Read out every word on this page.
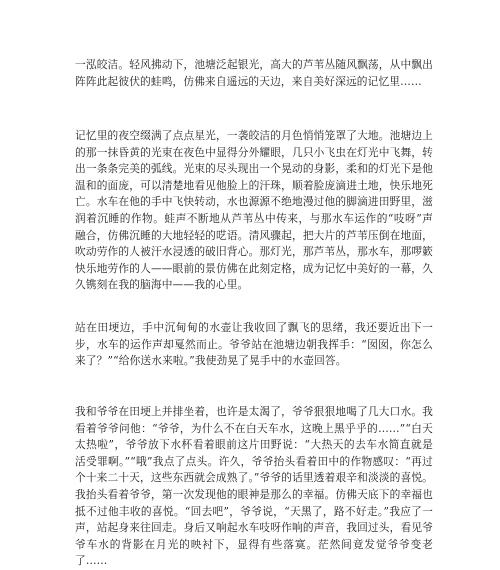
一泓皎洁。轻风拂动下，池塘泛起银光，高大的芦苇丛随风飘荡，从中飘出阵阵此起彼伏的蛙鸣，仿佛来自遥远的天边，来自美好深远的记忆里……

记忆里的夜空缀满了点点星光，一袭皎洁的月色悄悄笼罩了大地。池塘边上的那一抹昏黄的光束在夜色中显得分外耀眼，几只小飞虫在灯光中飞舞，转出一条条完美的弧线。光束的尽头现出一个晃动的身影，柔和的灯光下是他温和的面庞，可以清楚地看见他脸上的汗珠，顺着脸庞滴进土地，快乐地死亡。水车在他的手中飞快转动，水也源源不绝地漫过他的脚滴进田野里，滋润着沉睡的作物。蛙声不断地从芦苇丛中传来，与那水车运作的“吱呀”声融合，仿佛沉睡的大地轻轻的呓语。清风骤起，把大片的芦苇压倒在地面，吹动劳作的人被汗水浸透的破旧背心。那灯光，那芦苇丛，那水车，那啰簌快乐地劳作的人——眼前的景仿佛在此刻定格，成为记忆中美好的一幕，久久镌刻在我的脑海中——我的心里。

站在田埂边，手中沉甸甸的水壶让我收回了飘飞的思绪，我还要近出下一步，水车的运作声却戛然而止。爷爷站在池塘边朝我挥手：“囡囡，你怎么来了？”“给你送水来啦。”我使劲晃了晃手中的水壶回答。

我和爷爷在田埂上并排坐着，也许是太渴了，爷爷狠狠地喝了几大口水。我看着爷爷问他：“爷爷，为什么不在白天车水，这晚上黑乎乎的……”“白天太热啦”，爷爷放下水杯看着眼前这片田野说：“大热天的去车水简直就是活受罪啊。”“哦”我点了点头。许久，爷爷抬头看着田中的作物感叹：“再过个十来二十天，这些东西就会成熟了。”爷爷的话里透着艰辛和淡淡的喜悦。我抬头看着爷爷，第一次发现他的眼神是那么的幸福。仿佛天底下的幸福也抵不过他丰收的喜悦。“回去吧”，爷爷说，“天黑了，路不好走。”我应了一声，站起身来往回走。身后又响起水车吱呀作响的声音，我回过头，看见爷爷车水的背影在月光的映衬下，显得有些落寞。茫然间竟发觉爷爷变老了……
